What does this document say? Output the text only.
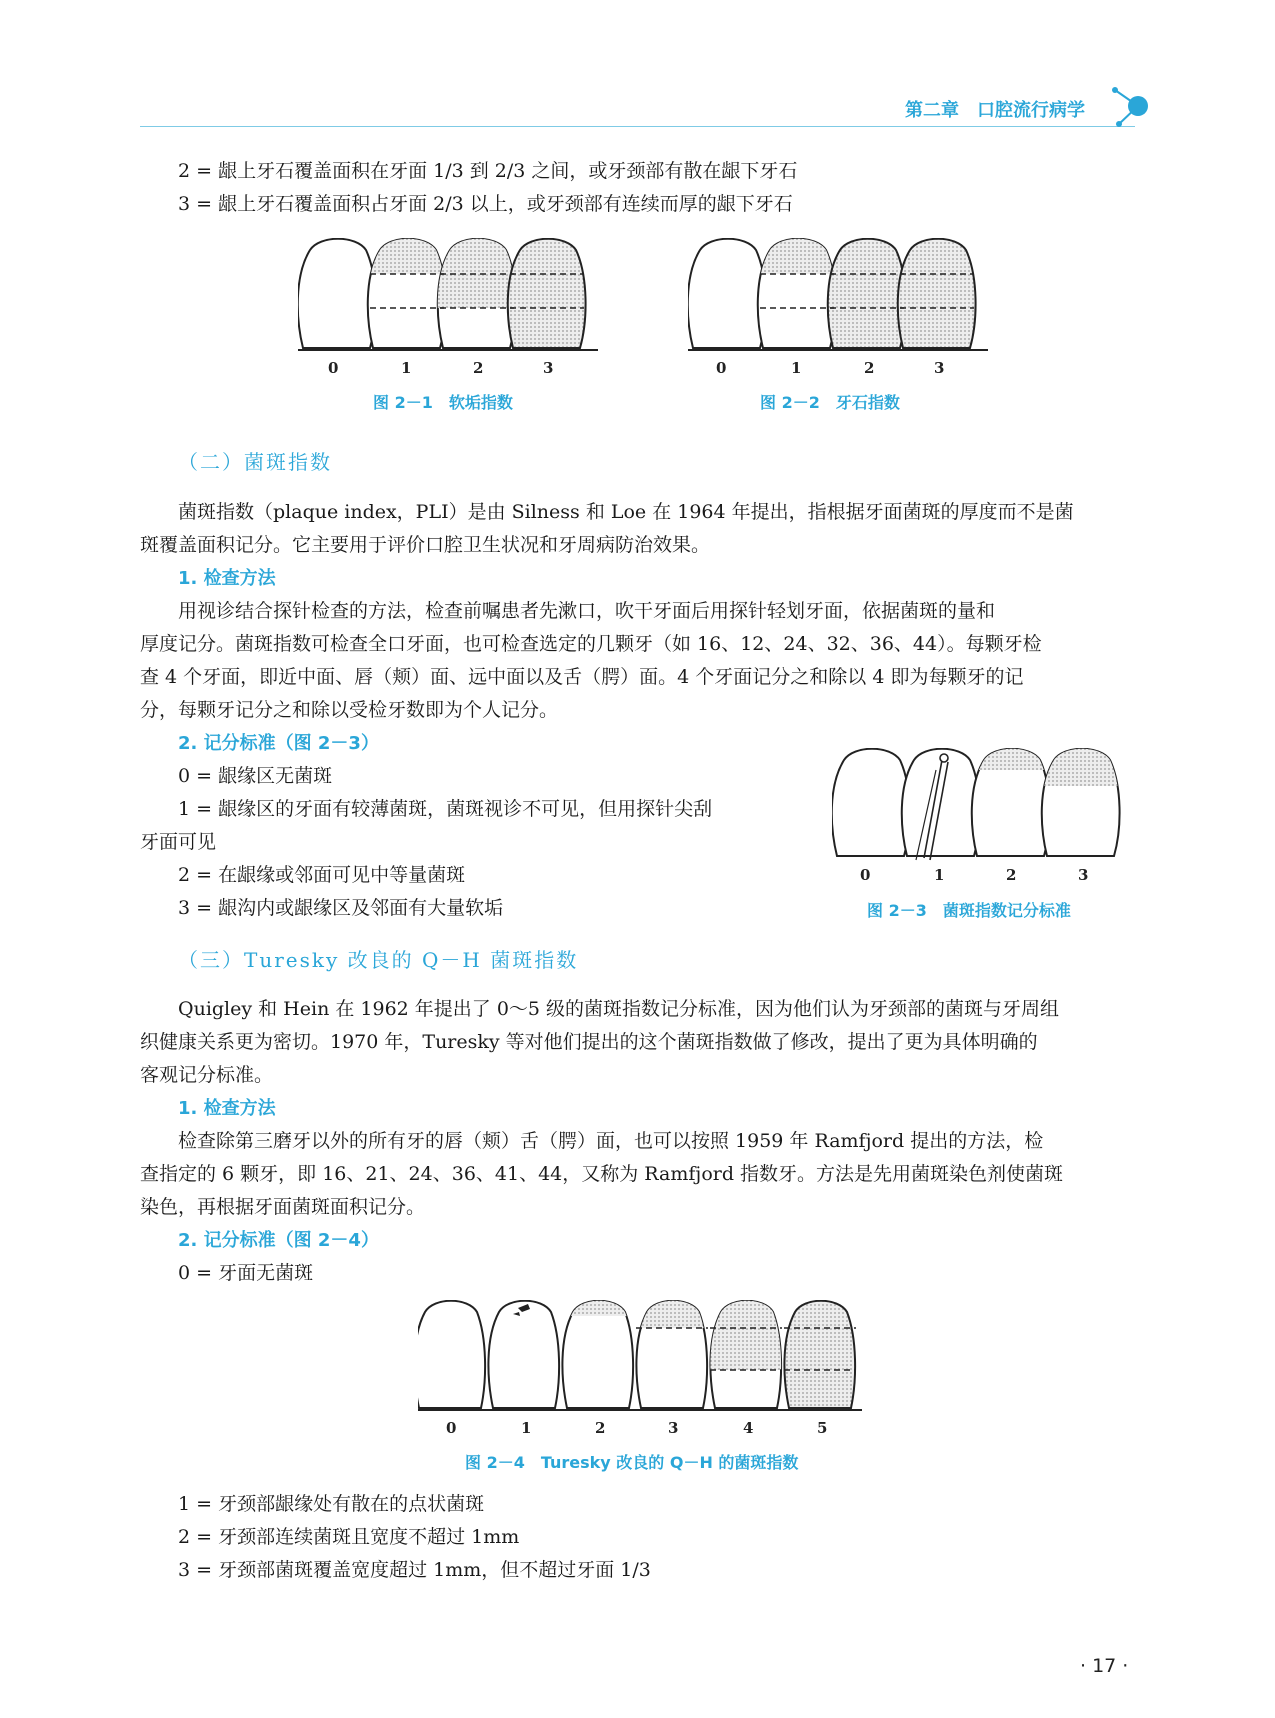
第二章　口腔流行病学
2 = 龈上牙石覆盖面积在牙面 1/3 到 2/3 之间，或牙颈部有散在龈下牙石
3 = 龈上牙石覆盖面积占牙面 2/3 以上，或牙颈部有连续而厚的龈下牙石
0	1	2	3
图 2－1　软垢指数
0	1	2	3
图 2－2　牙石指数
（二）菌斑指数
菌斑指数（plaque index，PLI）是由 Silness 和 Loe 在 1964 年提出，指根据牙面菌斑的厚度而不是菌
斑覆盖面积记分。它主要用于评价口腔卫生状况和牙周病防治效果。
1. 检查方法
用视诊结合探针检查的方法，检查前嘱患者先漱口，吹干牙面后用探针轻划牙面，依据菌斑的量和
厚度记分。菌斑指数可检查全口牙面，也可检查选定的几颗牙（如 16、12、24、32、36、44）。每颗牙检
查 4 个牙面，即近中面、唇（颊）面、远中面以及舌（腭）面。4 个牙面记分之和除以 4 即为每颗牙的记
分，每颗牙记分之和除以受检牙数即为个人记分。
2. 记分标准（图 2－3）
0 = 龈缘区无菌斑
1 = 龈缘区的牙面有较薄菌斑，菌斑视诊不可见，但用探针尖刮
牙面可见
2 = 在龈缘或邻面可见中等量菌斑
3 = 龈沟内或龈缘区及邻面有大量软垢
0	1	2	3
图 2－3　菌斑指数记分标准
（三）Turesky 改良的 Q－H 菌斑指数
Quigley 和 Hein 在 1962 年提出了 0～5 级的菌斑指数记分标准，因为他们认为牙颈部的菌斑与牙周组
织健康关系更为密切。1970 年，Turesky 等对他们提出的这个菌斑指数做了修改，提出了更为具体明确的
客观记分标准。
1. 检查方法
检查除第三磨牙以外的所有牙的唇（颊）舌（腭）面，也可以按照 1959 年 Ramfjord 提出的方法，检
查指定的 6 颗牙，即 16、21、24、36、41、44，又称为 Ramfjord 指数牙。方法是先用菌斑染色剂使菌斑
染色，再根据牙面菌斑面积记分。
2. 记分标准（图 2－4）
0 = 牙面无菌斑
0	1	2	3	4	5
图 2－4　Turesky 改良的 Q－H 的菌斑指数
1 = 牙颈部龈缘处有散在的点状菌斑
2 = 牙颈部连续菌斑且宽度不超过 1mm
3 = 牙颈部菌斑覆盖宽度超过 1mm，但不超过牙面 1/3
· 17 ·
